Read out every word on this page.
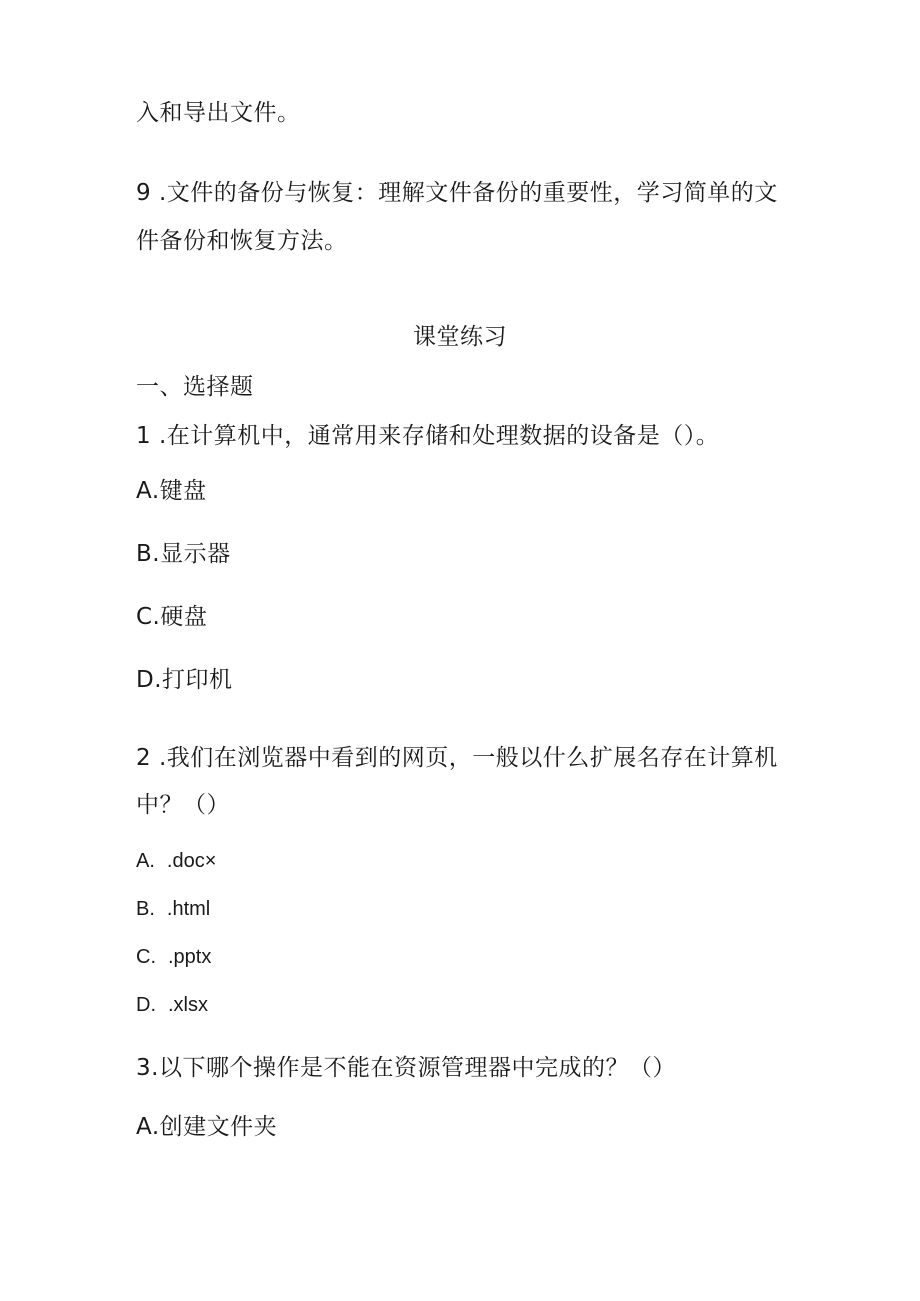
入和导出文件。
9 .文件的备份与恢复：理解文件备份的重要性，学习简单的文
件备份和恢复方法。
课堂练习
一、选择题
1 .在计算机中，通常用来存储和处理数据的设备是（）。
A.键盘
B.显示器
C.硬盘
D.打印机
2 .我们在浏览器中看到的网页，一般以什么扩展名存在计算机
中？（）
A. .doc×
B. .html
C. .pptx
D. .xlsx
3.以下哪个操作是不能在资源管理器中完成的？（）
A.创建文件夹
